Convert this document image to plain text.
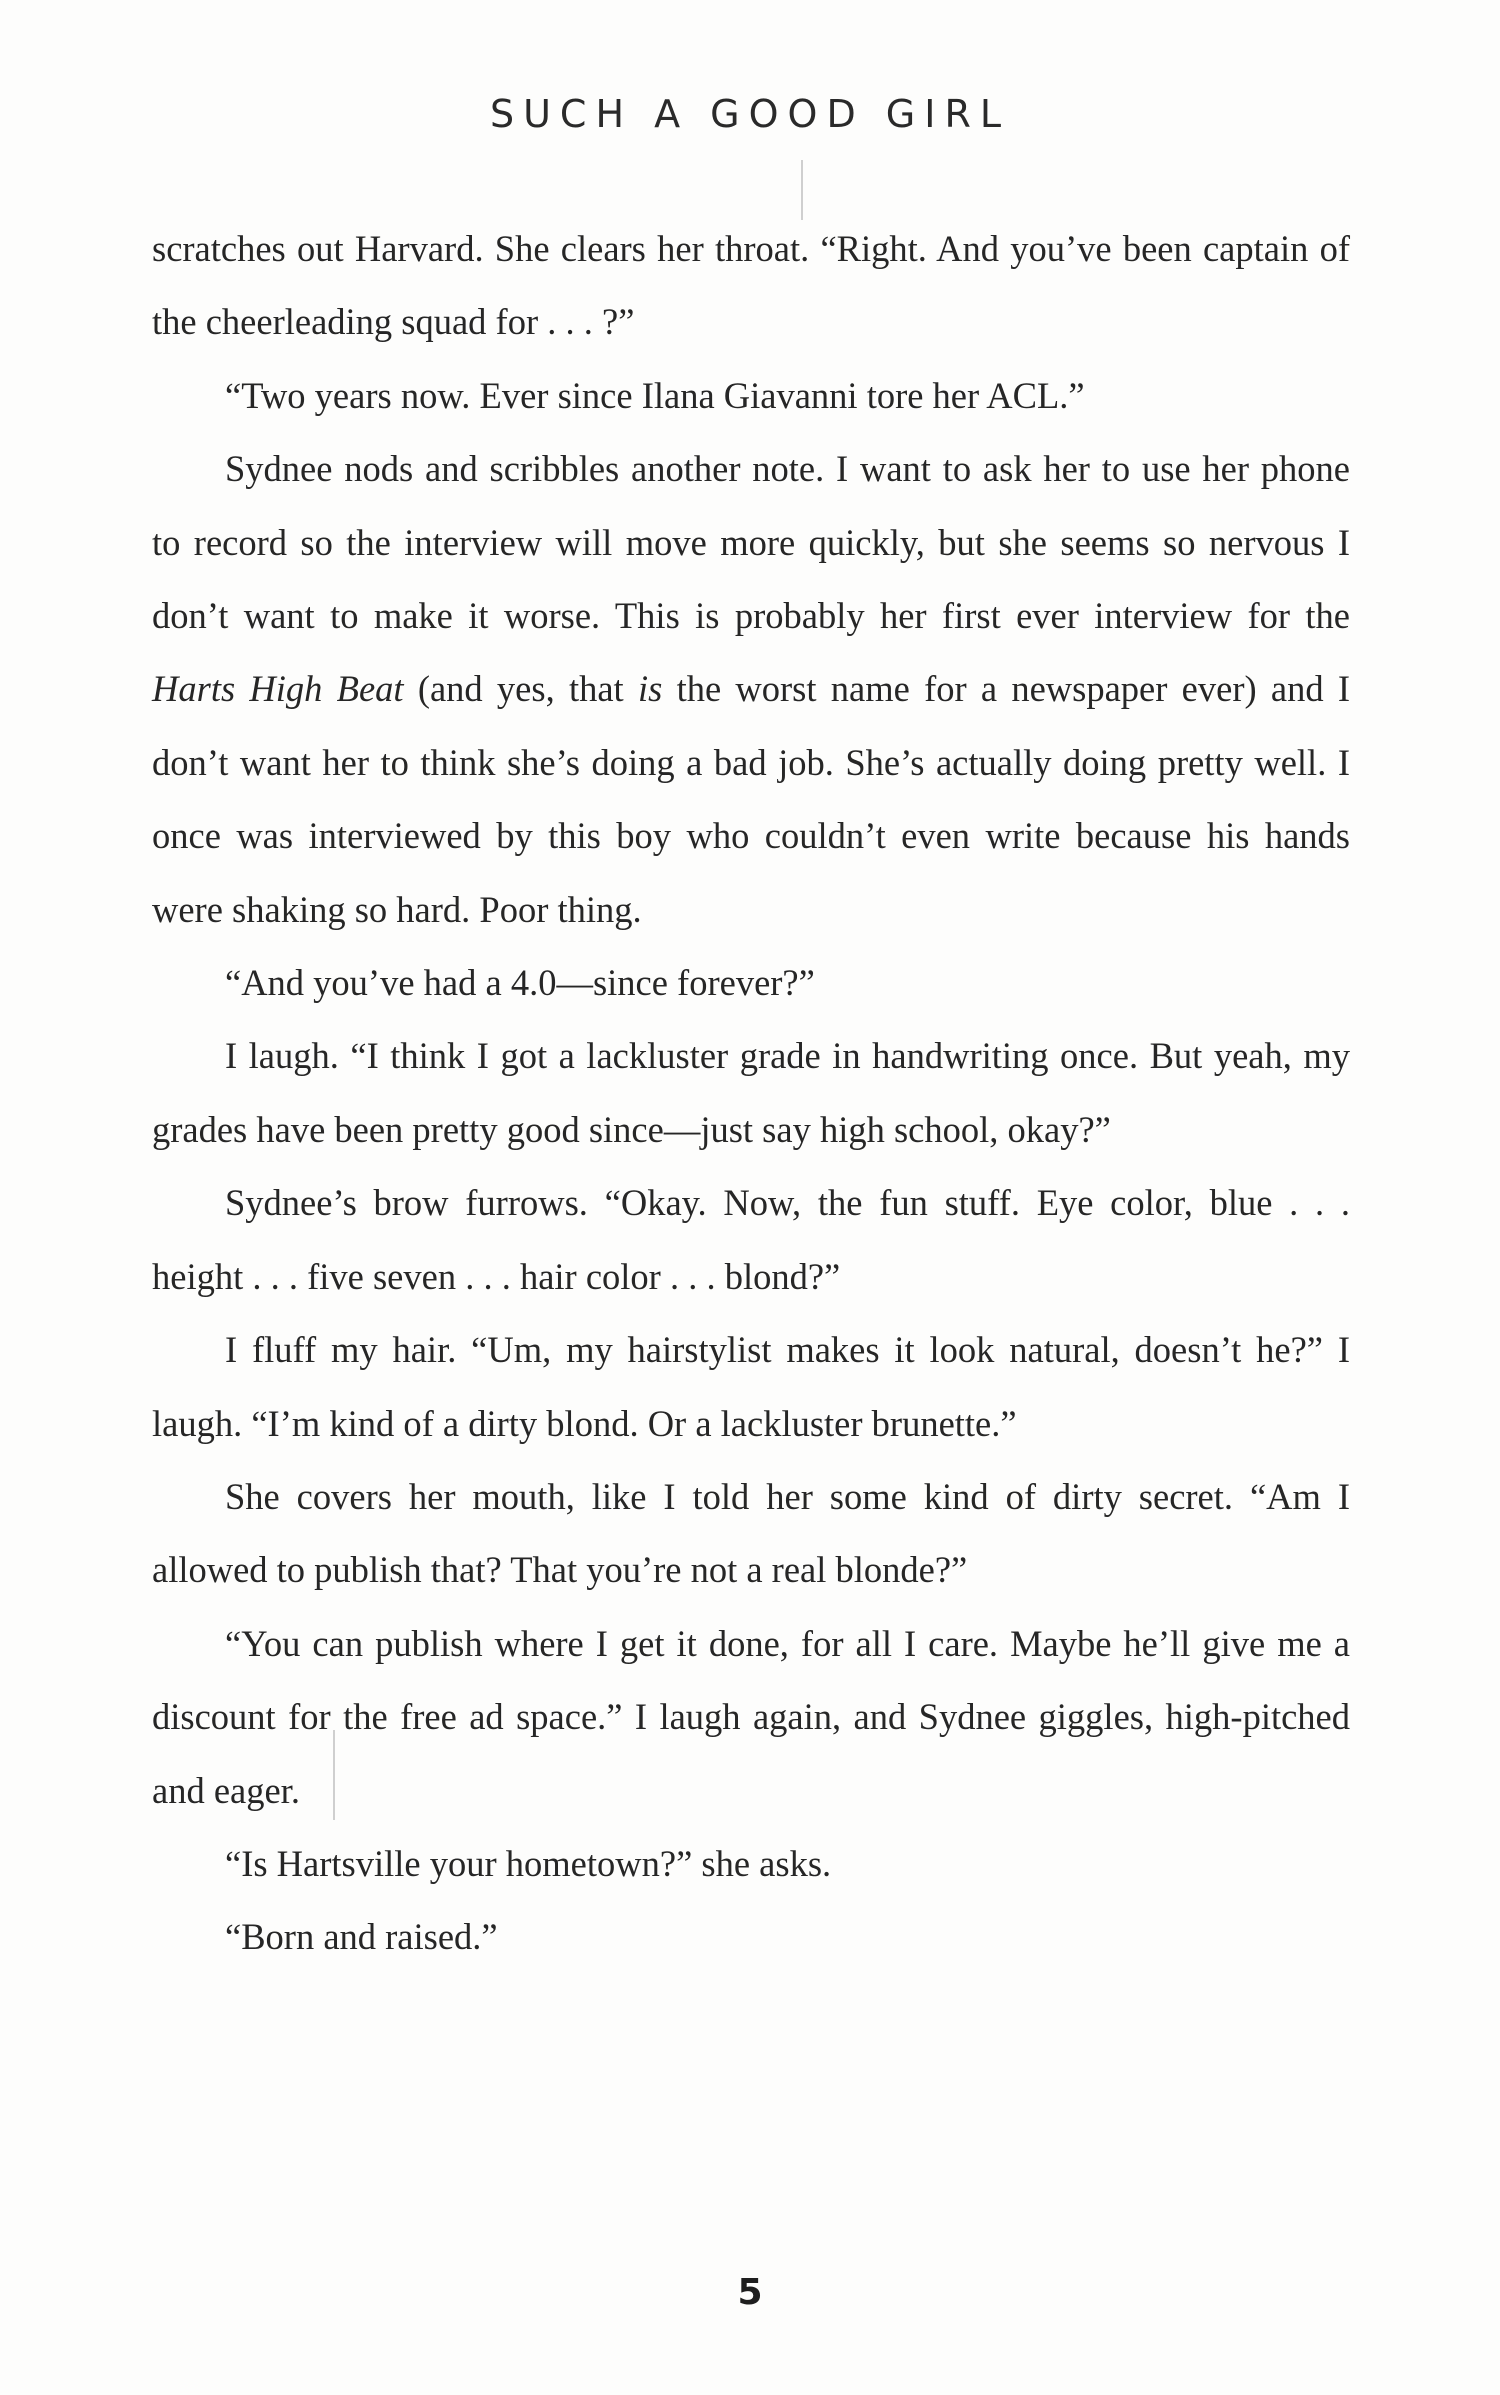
SUCH A GOOD GIRL

scratches out Harvard. She clears her throat. “Right. And you’ve been captain of the cheerleading squad for . . . ?”

“Two years now. Ever since Ilana Giavanni tore her ACL.”

Sydnee nods and scribbles another note. I want to ask her to use her phone to record so the interview will move more quickly, but she seems so nervous I don’t want to make it worse. This is probably her first ever interview for the Harts High Beat (and yes, that is the worst name for a newspaper ever) and I don’t want her to think she’s doing a bad job. She’s actually doing pretty well. I once was interviewed by this boy who couldn’t even write because his hands were shaking so hard. Poor thing.

“And you’ve had a 4.0—since forever?”

I laugh. “I think I got a lackluster grade in handwriting once. But yeah, my grades have been pretty good since—just say high school, okay?”

Sydnee’s brow furrows. “Okay. Now, the fun stuff. Eye color, blue . . . height . . . five seven . . . hair color . . . blond?”

I fluff my hair. “Um, my hairstylist makes it look natural, doesn’t he?” I laugh. “I’m kind of a dirty blond. Or a lackluster brunette.”

She covers her mouth, like I told her some kind of dirty secret. “Am I allowed to publish that? That you’re not a real blonde?”

“You can publish where I get it done, for all I care. Maybe he’ll give me a discount for the free ad space.” I laugh again, and Sydnee giggles, high-pitched and eager.

“Is Hartsville your hometown?” she asks.

“Born and raised.”

5
